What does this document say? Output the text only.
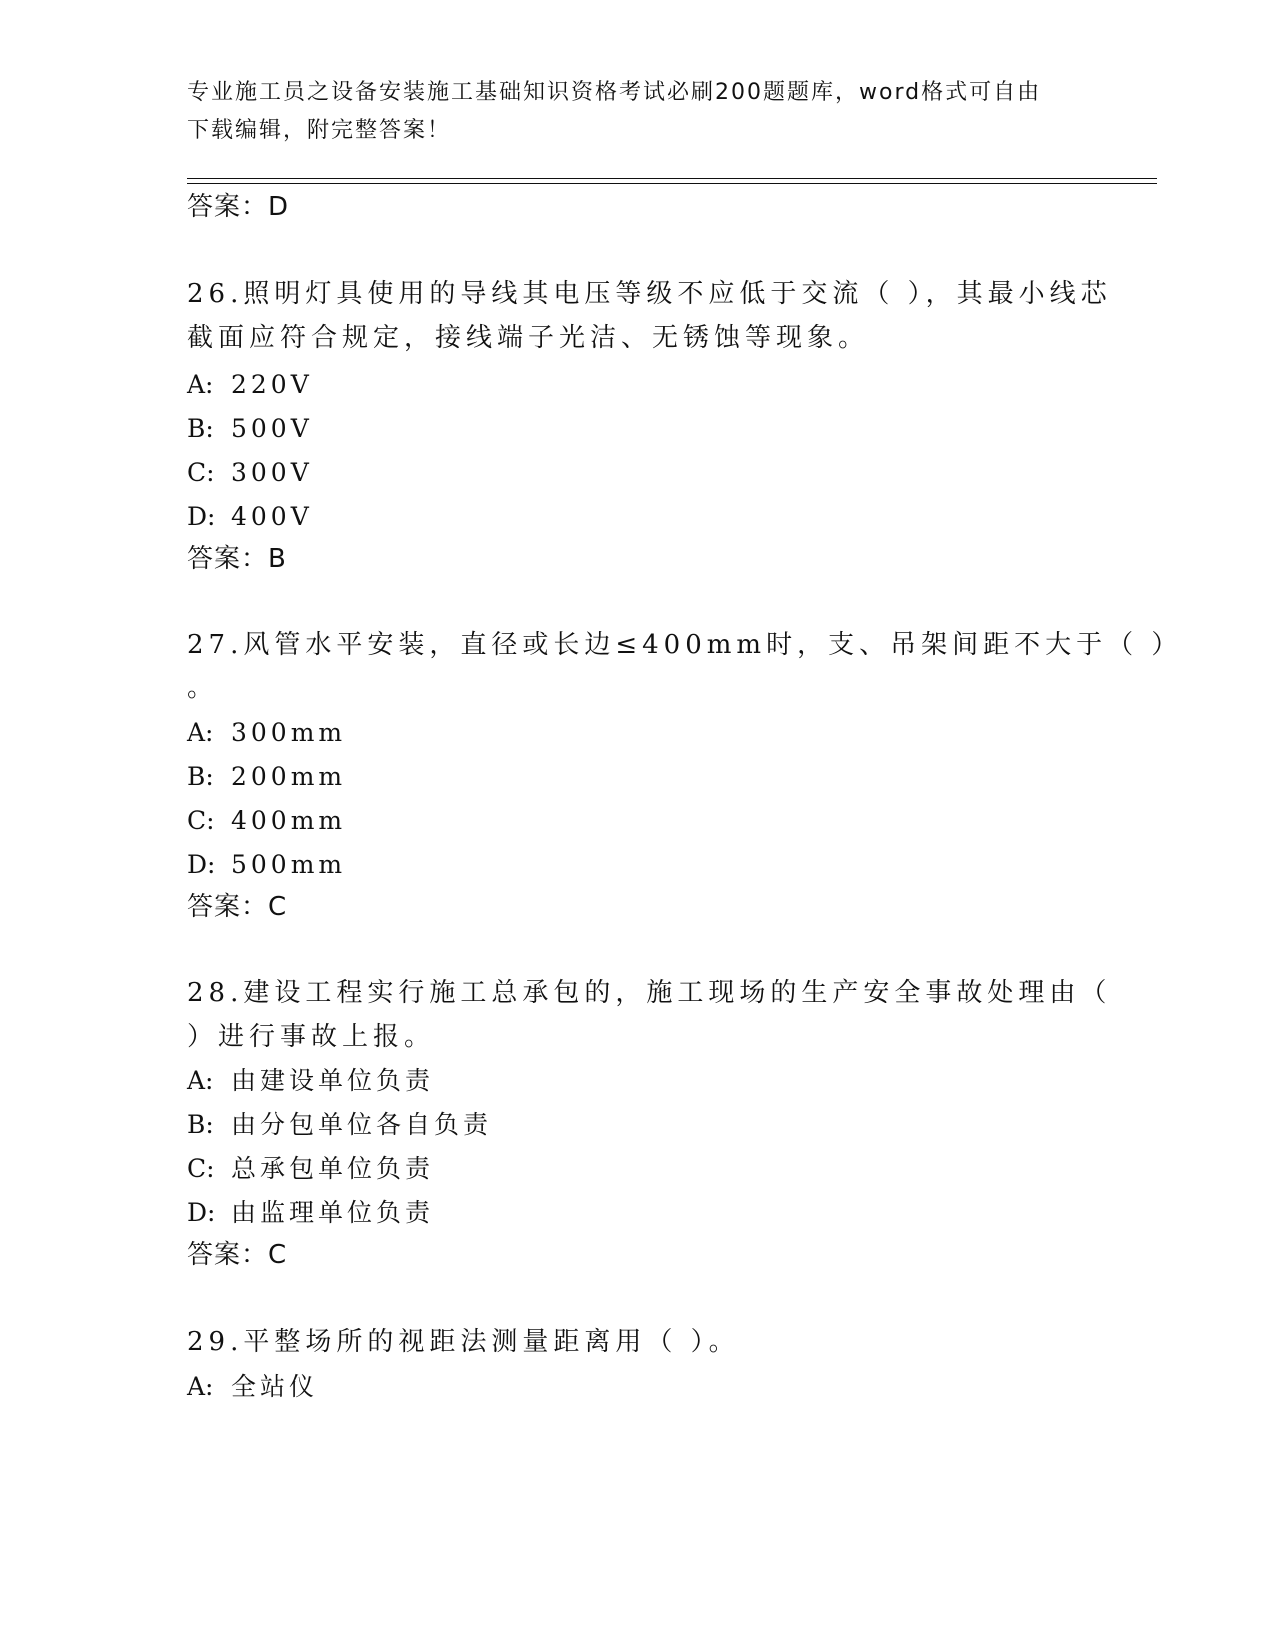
专业施工员之设备安装施工基础知识资格考试必刷200题题库，word格式可自由
下载编辑，附完整答案！
答案：D
26.照明灯具使用的导线其电压等级不应低于交流（ ），其最小线芯
截面应符合规定，接线端子光洁、无锈蚀等现象。
A: 220V
B: 500V
C: 300V
D: 400V
答案：B
27.风管水平安装，直径或长边≤400mm时，支、吊架间距不大于（ ）
。
A: 300mm
B: 200mm
C: 400mm
D: 500mm
答案：C
28.建设工程实行施工总承包的，施工现场的生产安全事故处理由（
）进行事故上报。
A: 由建设单位负责
B: 由分包单位各自负责
C: 总承包单位负责
D: 由监理单位负责
答案：C
29.平整场所的视距法测量距离用（ ）。
A: 全站仪
